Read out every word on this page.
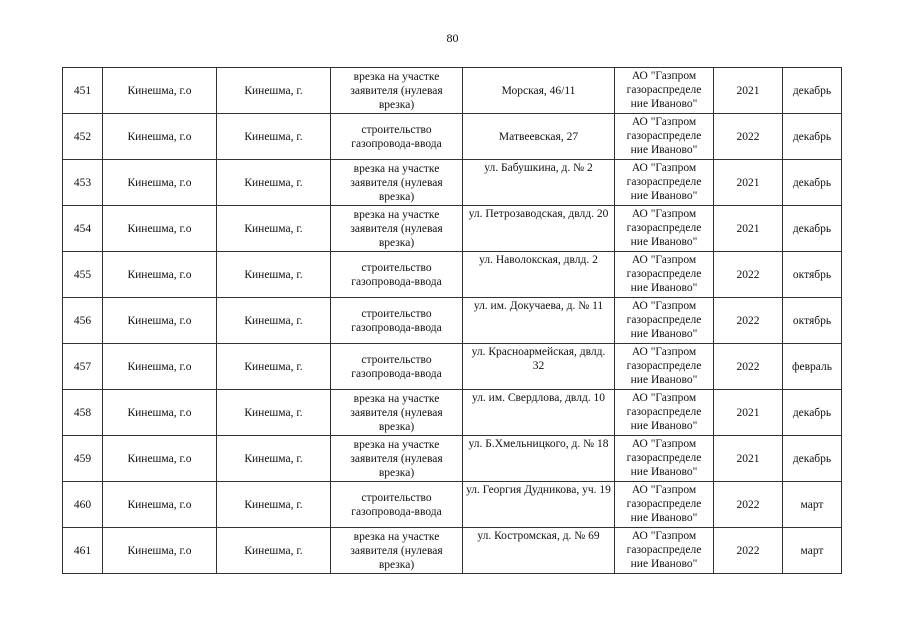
80
451	Кинешма, г.о	Кинешма, г.	врезка на участке заявителя (нулевая врезка)	Морская, 46/11	АО "Газпром газораспределе ние Иваново"	2021	декабрь
452	Кинешма, г.о	Кинешма, г.	строительство газопровода-ввода	Матвеевская, 27	АО "Газпром газораспределе ние Иваново"	2022	декабрь
453	Кинешма, г.о	Кинешма, г.	врезка на участке заявителя (нулевая врезка)	ул. Бабушкина, д. № 2	АО "Газпром газораспределе ние Иваново"	2021	декабрь
454	Кинешма, г.о	Кинешма, г.	врезка на участке заявителя (нулевая врезка)	ул. Петрозаводская, двлд. 20	АО "Газпром газораспределе ние Иваново"	2021	декабрь
455	Кинешма, г.о	Кинешма, г.	строительство газопровода-ввода	ул. Наволокская, двлд. 2	АО "Газпром газораспределе ние Иваново"	2022	октябрь
456	Кинешма, г.о	Кинешма, г.	строительство газопровода-ввода	ул. им. Докучаева, д. № 11	АО "Газпром газораспределе ние Иваново"	2022	октябрь
457	Кинешма, г.о	Кинешма, г.	строительство газопровода-ввода	ул. Красноармейская, двлд. 32	АО "Газпром газораспределе ние Иваново"	2022	февраль
458	Кинешма, г.о	Кинешма, г.	врезка на участке заявителя (нулевая врезка)	ул. им. Свердлова, двлд. 10	АО "Газпром газораспределе ние Иваново"	2021	декабрь
459	Кинешма, г.о	Кинешма, г.	врезка на участке заявителя (нулевая врезка)	ул. Б.Хмельницкого, д. № 18	АО "Газпром газораспределе ние Иваново"	2021	декабрь
460	Кинешма, г.о	Кинешма, г.	строительство газопровода-ввода	ул. Георгия Дудникова, уч. 19	АО "Газпром газораспределе ние Иваново"	2022	март
461	Кинешма, г.о	Кинешма, г.	врезка на участке заявителя (нулевая врезка)	ул. Костромская, д. № 69	АО "Газпром газораспределе ние Иваново"	2022	март
